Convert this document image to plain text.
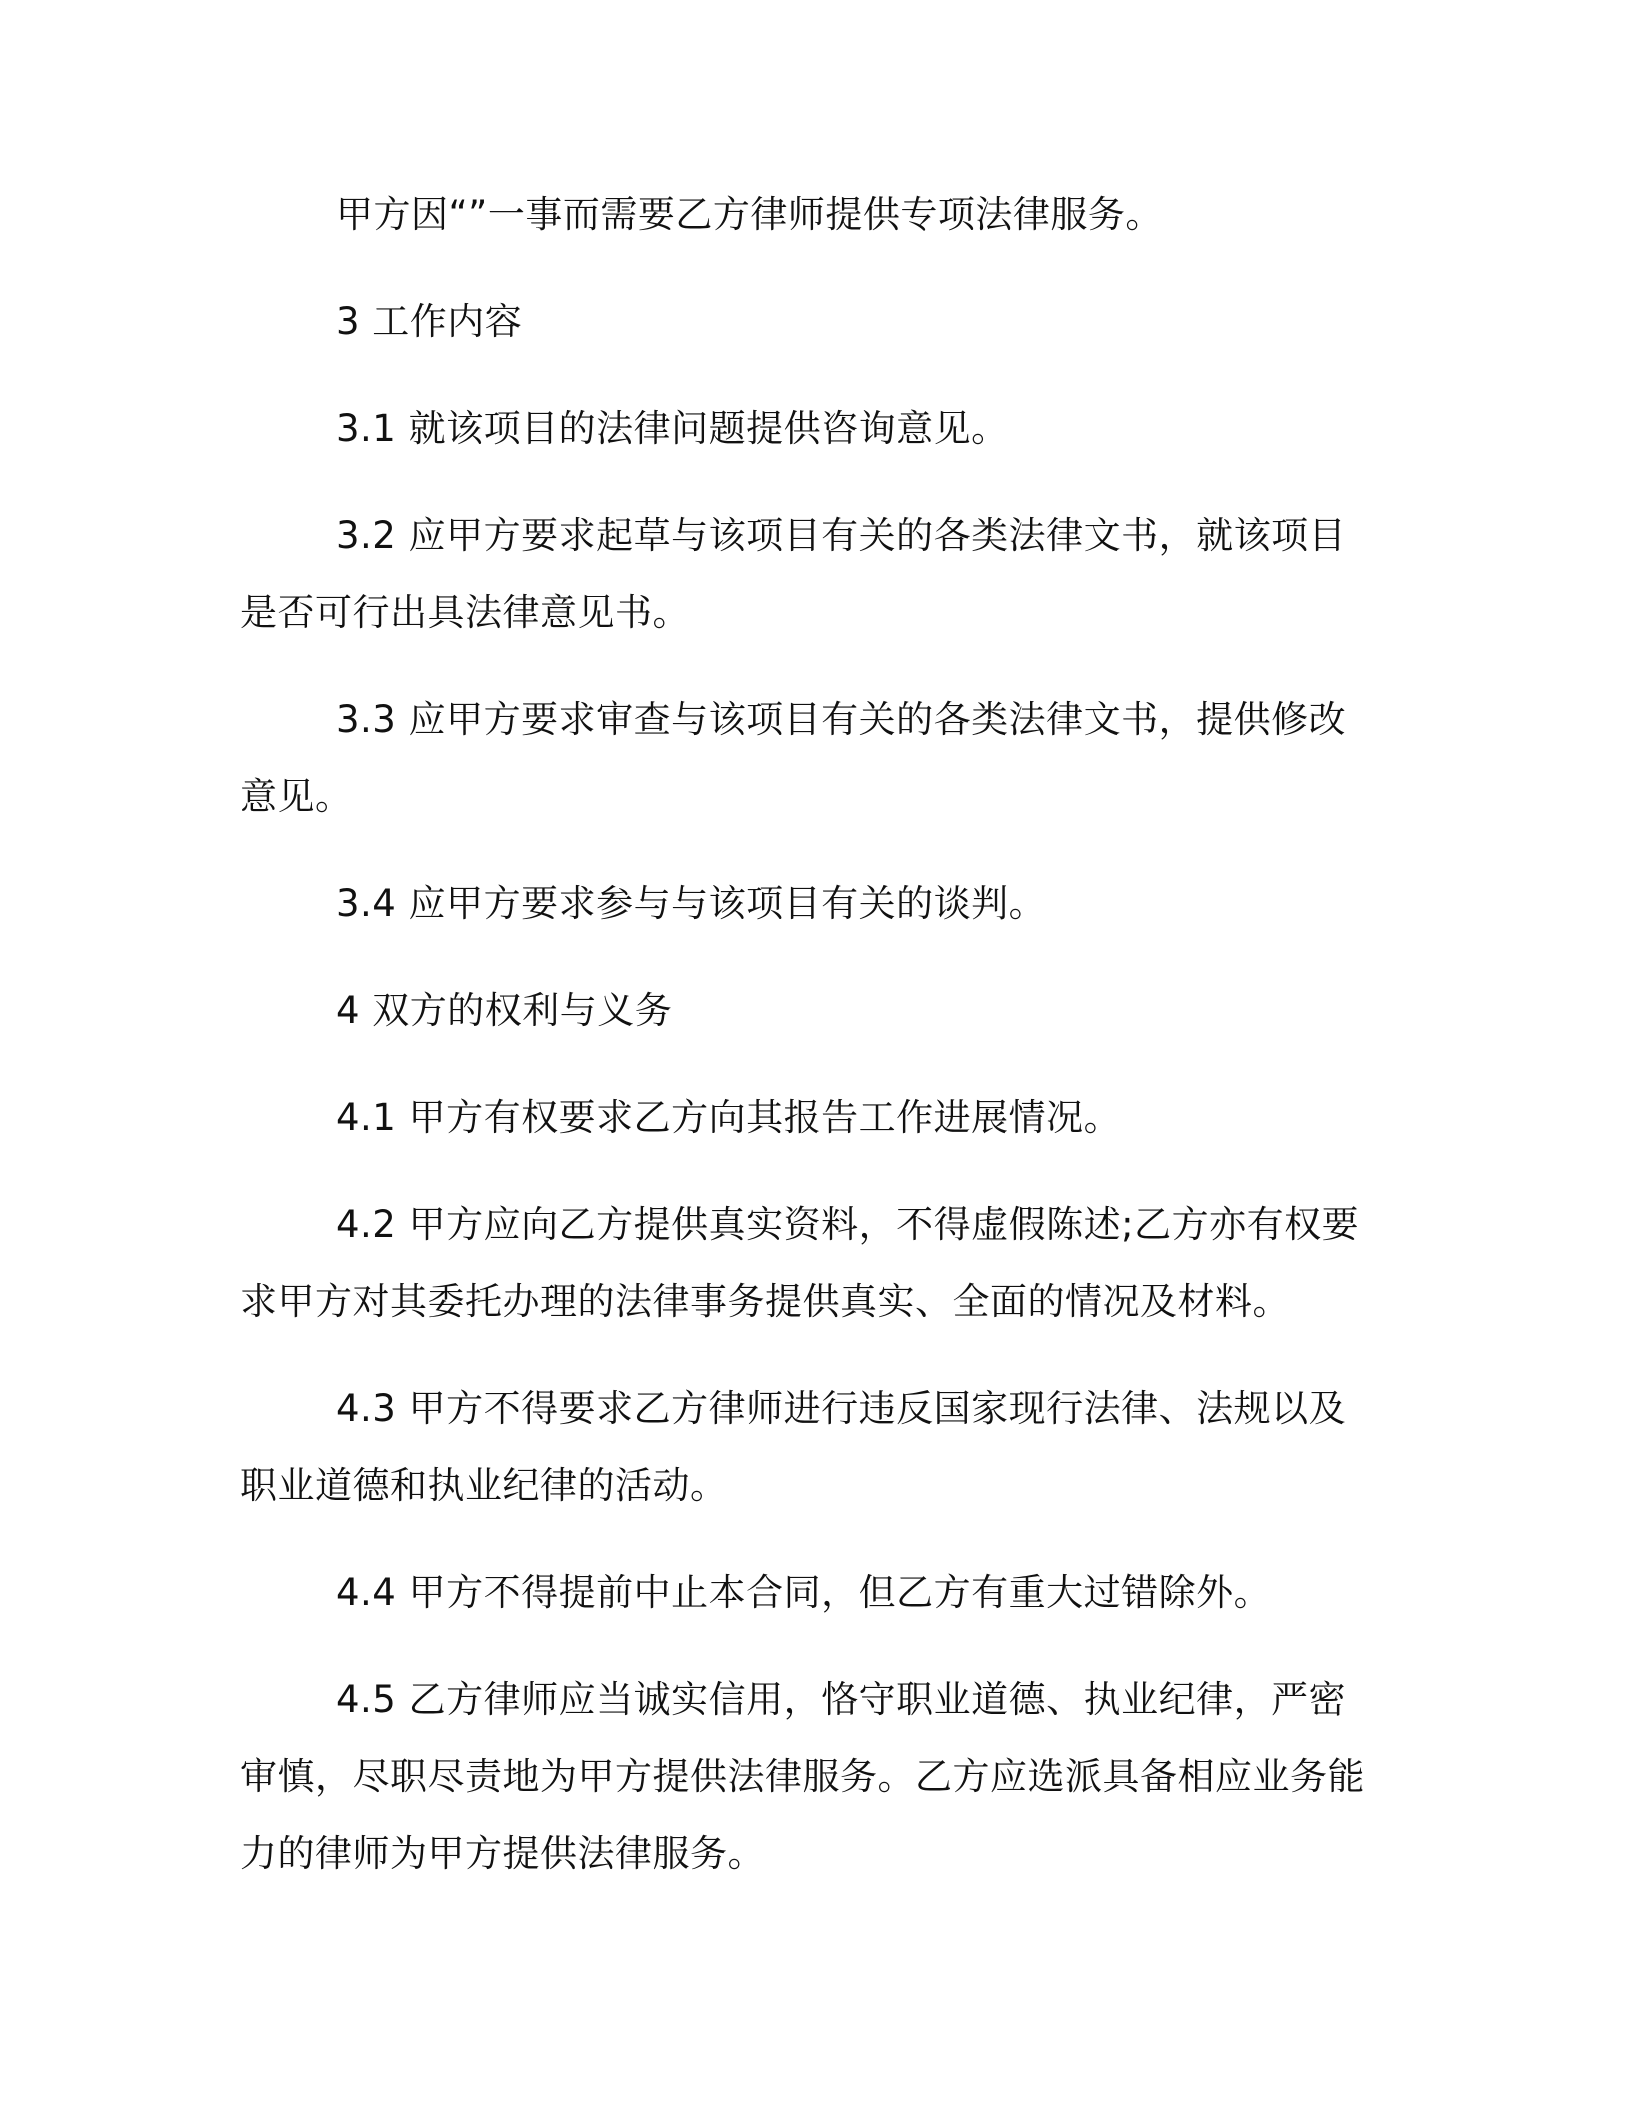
甲方因“”一事而需要乙方律师提供专项法律服务。

3 工作内容

3.1 就该项目的法律问题提供咨询意见。

3.2 应甲方要求起草与该项目有关的各类法律文书，就该项目是否可行出具法律意见书。

3.3 应甲方要求审查与该项目有关的各类法律文书，提供修改意见。

3.4 应甲方要求参与与该项目有关的谈判。

4 双方的权利与义务

4.1 甲方有权要求乙方向其报告工作进展情况。

4.2 甲方应向乙方提供真实资料，不得虚假陈述;乙方亦有权要求甲方对其委托办理的法律事务提供真实、全面的情况及材料。

4.3 甲方不得要求乙方律师进行违反国家现行法律、法规以及职业道德和执业纪律的活动。

4.4 甲方不得提前中止本合同，但乙方有重大过错除外。

4.5 乙方律师应当诚实信用，恪守职业道德、执业纪律，严密审慎，尽职尽责地为甲方提供法律服务。乙方应选派具备相应业务能力的律师为甲方提供法律服务。
